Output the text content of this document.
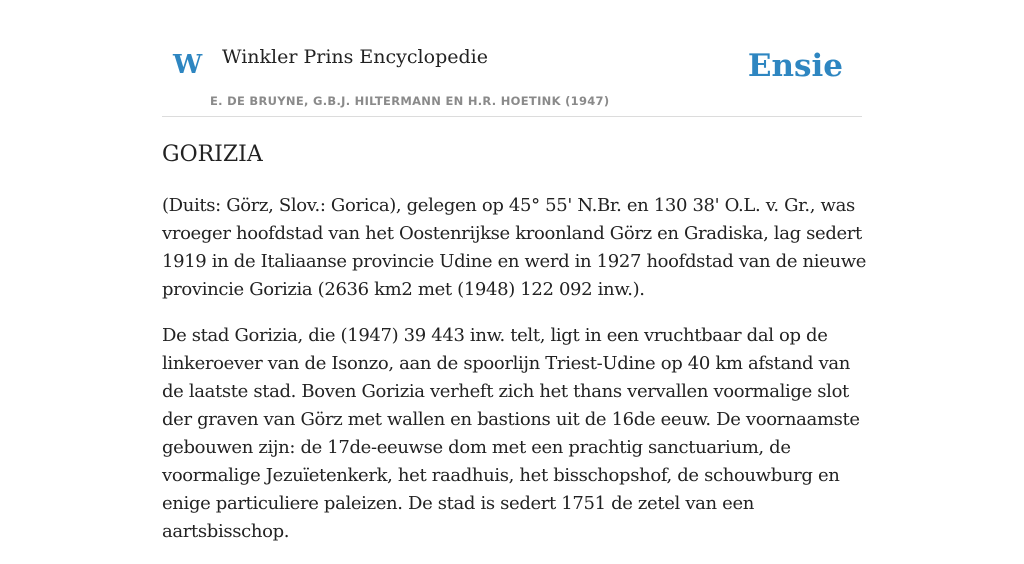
W Winkler Prins Encyclopedie
E. DE BRUYNE, G.B.J. HILTERMANN EN H.R. HOETINK (1947)
Ensie
GORIZIA

(Duits: Görz, Slov.: Gorica), gelegen op 45° 55' N.Br. en 130 38' O.L. v. Gr., was vroeger hoofdstad van het Oostenrijkse kroonland Görz en Gradiska, lag sedert 1919 in de Italiaanse provincie Udine en werd in 1927 hoofdstad van de nieuwe provincie Gorizia (2636 km2 met (1948) 122 092 inw.).

De stad Gorizia, die (1947) 39 443 inw. telt, ligt in een vruchtbaar dal op de linkeroever van de Isonzo, aan de spoorlijn Triest-Udine op 40 km afstand van de laatste stad. Boven Gorizia verheft zich het thans vervallen voormalige slot der graven van Görz met wallen en bastions uit de 16de eeuw. De voornaamste gebouwen zijn: de 17de-eeuwse dom met een prachtig sanctuarium, de voormalige Jezuïetenkerk, het raadhuis, het bisschopshof, de schouwburg en enige particuliere paleizen. De stad is sedert 1751 de zetel van een aartsbisschop.
